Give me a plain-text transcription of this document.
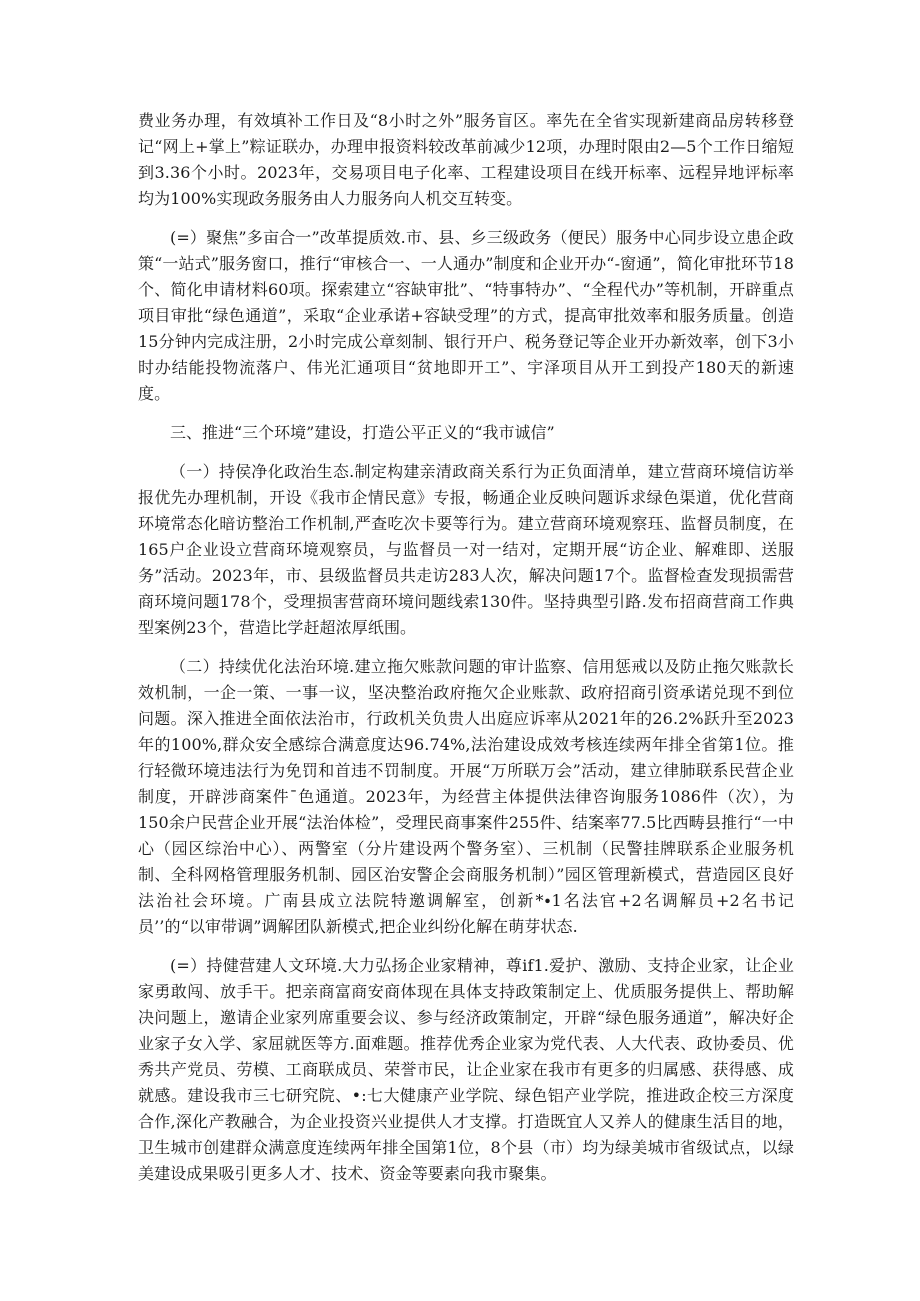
费业务办理，有效填补工作日及“8小时之外”服务盲区。率先在全省实现新建商品房转移登记“网上+掌上”粽证联办，办理申报资料较改革前减少12项，办理时限由2—5个工作日缩短到3.36个小时。2023年，交易项目电子化率、工程建设项目在线开标率、远程异地评标率均为100%实现政务服务由人力服务向人机交互转变。

(=）聚焦”多亩合一”改革提质效.市、县、乡三级政务（便民）服务中心同步设立患企政策“一站式”服务窗口，推行“审核合一、一人通办”制度和企业开办“-窗通”，简化审批环节18个、简化申请材料60项。探索建立“容缺审批”、“特事特办”、“全程代办”等机制，开辟重点项目审批“绿色通道”，采取“企业承诺+容缺受理”的方式，提高审批效率和服务质量。创造15分钟内完成注册，2小时完成公章刻制、银行开户、税务登记等企业开办新效率，创下3小时办结能投物流落户、伟光汇通项目“贫地即开工”、宇泽项目从开工到投产180天的新速度。

三、推进“三个环境”建设，打造公平正义的“我市诚信”

（一）持侯净化政治生态.制定构建亲清政商关系行为正负面清单，建立营商环境信访举报优先办理机制，开设《我市企情民意》专报，畅通企业反映问题诉求绿色渠道，优化营商环境常态化暗访整治工作机制,严查吃次卡要等行为。建立营商环境观察珏、监督员制度，在165户企业设立营商环境观察员，与监督员一对一结对，定期开展“访企业、解难即、送服务”活动。2023年，市、县级监督员共走访283人次，解决问题17个。监督检查发现损需营商环境问题178个，受理损害营商环境问题线索130件。坚持典型引路.发布招商营商工作典型案例23个，营造比学赶超浓厚纸围。

（二）持续优化法治环境.建立拖欠账款问题的审计监察、信用惩戒以及防止拖欠账款长效机制，一企一策、一事一议，坚决整治政府拖欠企业账款、政府招商引资承诺兑现不到位问题。深入推进全面依法治市，行政机关负贵人出庭应诉率从2021年的26.2%跃升至2023年的100%,群众安全感综合满意度达96.74%,法治建设成效考核连续两年排全省第1位。推行轻微环境违法行为免罚和首违不罚制度。开展“万所联万会”活动，建立律肺联系民营企业制度，开辟涉商案件ˉ色通道。2023年，为经营主体提供法律咨询服务1086件（次），为150余户民营企业开展“法治体检”，受理民商事案件255件、结案率77.5比西畴县推行“一中心（园区综治中心）、两警室（分片建设两个警务室）、三机制（民警挂牌联系企业服务机制、全科网格管理服务机制、园区治安警企会商服务机制）”园区管理新模式，营造园区良好法治社会环境。广南县成立法院特邀调解室，创新*∙1名法官+2名调解员+2名书记员’’的“以审带调”调解团队新模式,把企业纠纷化解在萌芽状态.

(=）持健营建人文环境.大力弘扬企业家精神，尊if1.爱护、激励、支持企业家，让企业家勇敢闯、放手干。把亲商富商安商体现在具体支持政策制定上、优质服务提供上、帮助解决问题上，邀请企业家列席重要会议、参与经济政策制定，开辟“绿色服务通道”，解决好企业家子女入学、家屈就医等方.面难题。推荐优秀企业家为党代表、人大代表、政协委员、优秀共产党员、劳模、工商联成员、荣誉市民，让企业家在我市有更多的归属感、获得感、成就感。建设我市三七研究院、•:七大健康产业学院、绿色铝产业学院，推进政企校三方深度合作,深化产教融合，为企业投资兴业提供人才支撑。打造既宜人又养人的健康生活目的地，卫生城市创建群众满意度连续两年排全国第1位，8个县（市）均为绿美城市省级试点，以绿美建设成果吸引更多人才、技术、资金等要素向我市聚集。
